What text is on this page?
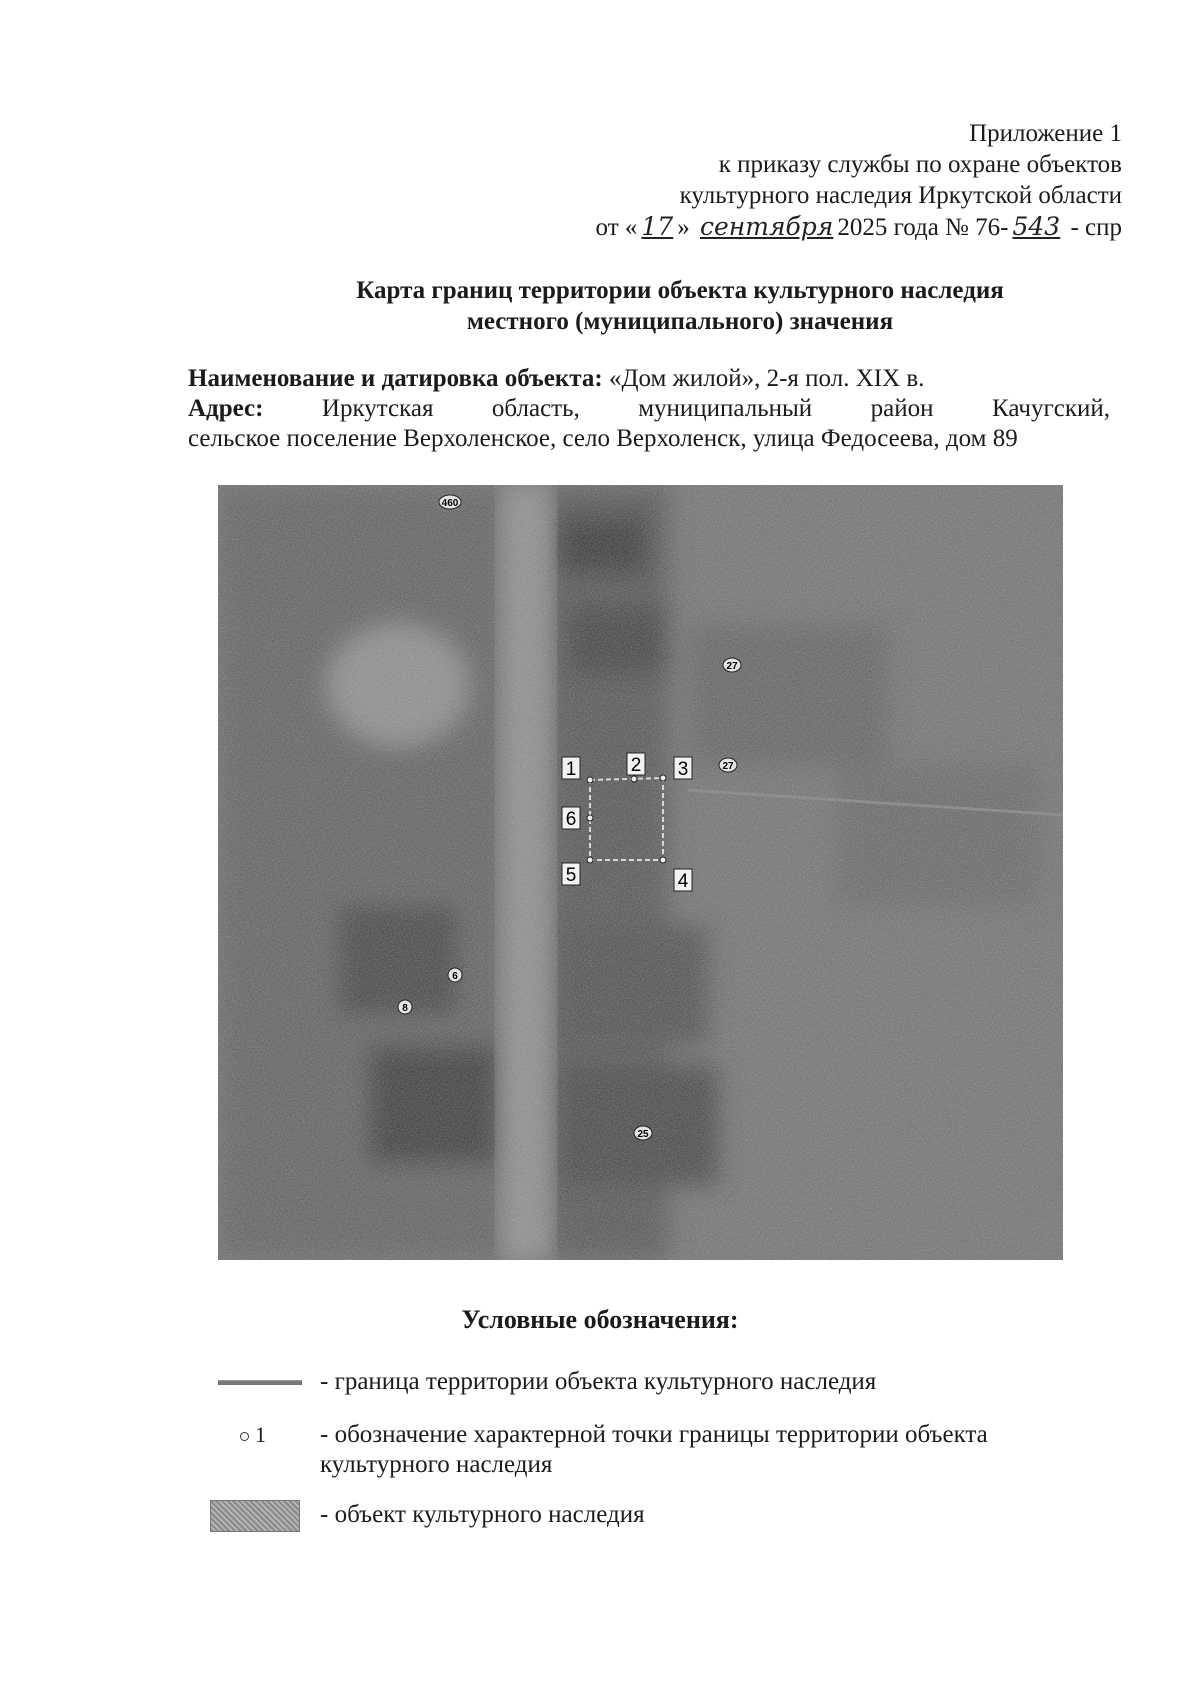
Приложение 1
к приказу службы по охране объектов
культурного наследия Иркутской области
от « 17 » сентября 2025 года № 76- 543 - спр
Карта границ территории объекта культурного наследия
местного (муниципального) значения
Наименование и датировка объекта: «Дом жилой», 2-я пол. XIX в.
Адрес: Иркутская область, муниципальный район Качугский,
сельское поселение Верхоленское, село Верхоленск, улица Федосеева, дом 89
1	2 3
4
5
6
460
27
27
6
8
25
Условные обозначения:
- граница территории объекта культурного наследия
1 - обозначение характерной точки границы территории объекта
культурного наследия
- объект культурного наследия
